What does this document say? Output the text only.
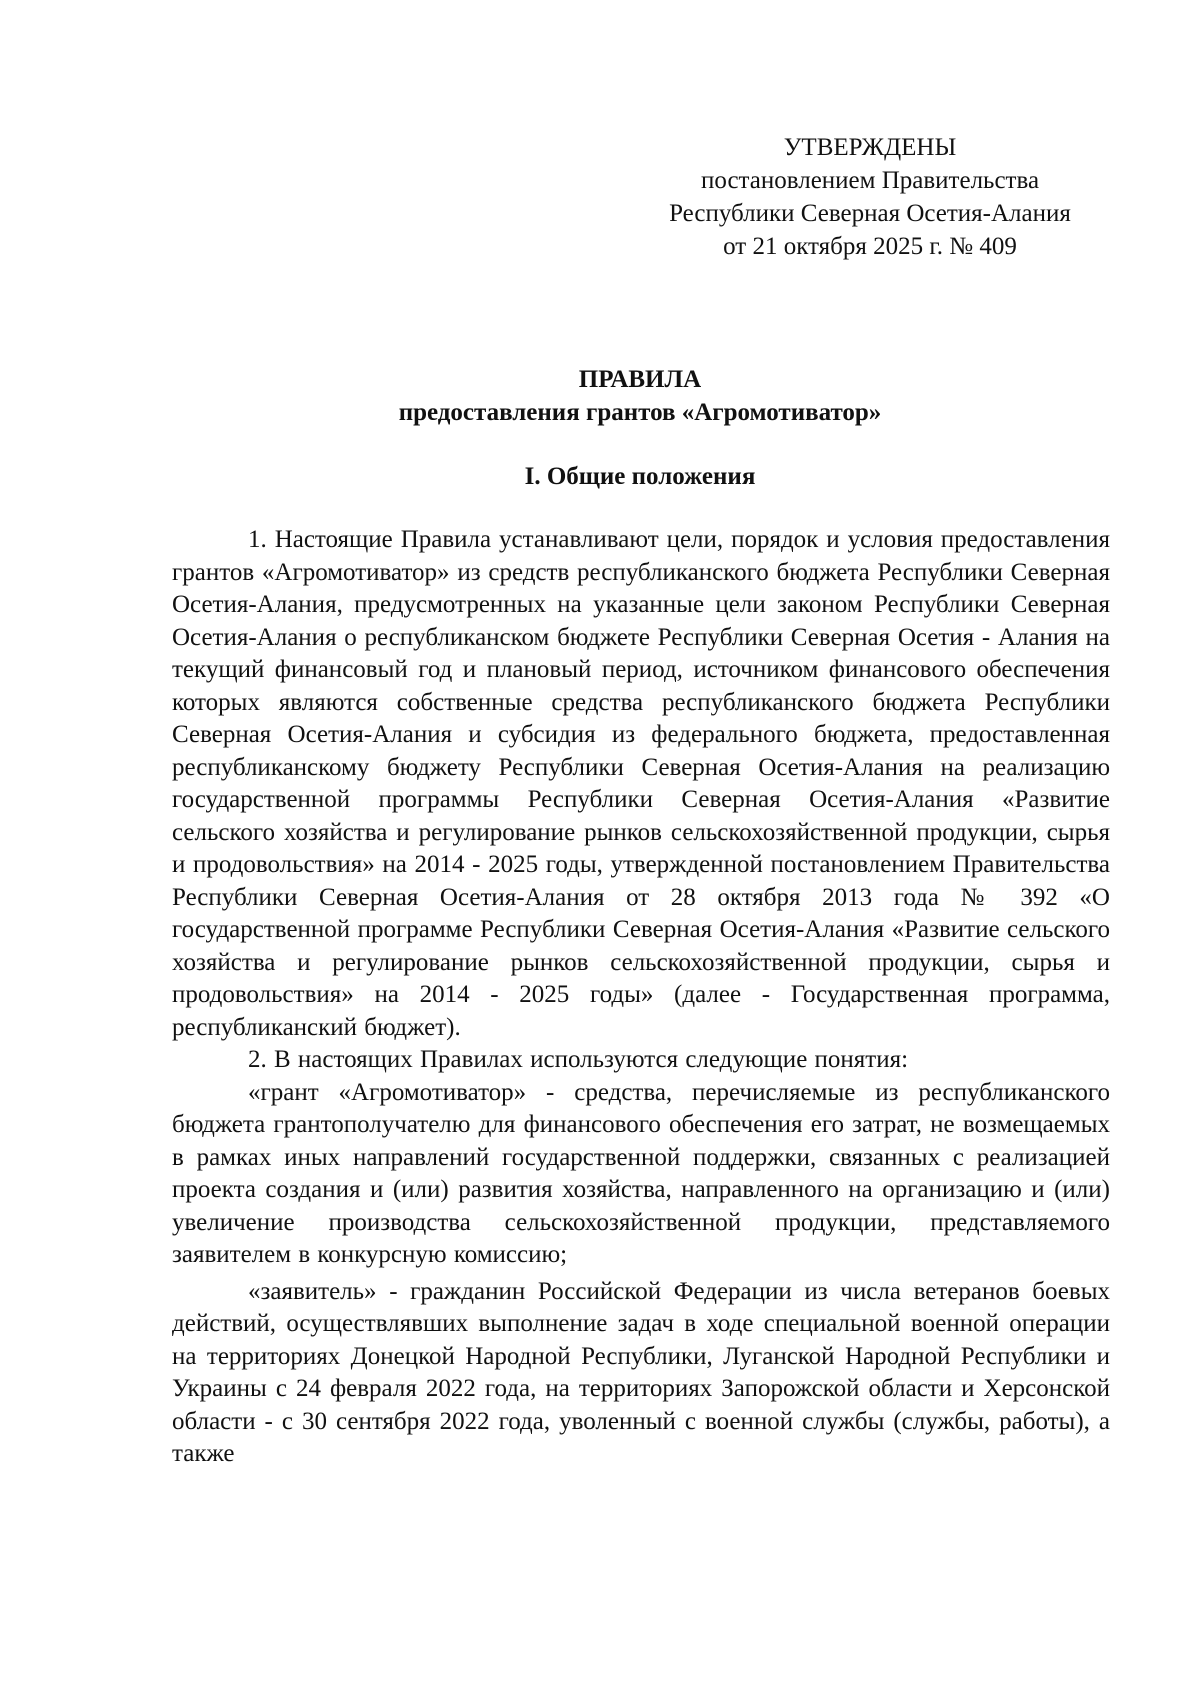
УТВЕРЖДЕНЫ
постановлением Правительства
Республики Северная Осетия-Алания
от 21 октября 2025 г. № 409
ПРАВИЛА
предоставления грантов «Агромотиватор»
I. Общие положения

1. Настоящие Правила устанавливают цели, порядок и условия предоставления грантов «Агромотиватор» из средств республиканского бюджета Республики Северная Осетия-Алания, предусмотренных на указанные цели законом Республики Северная Осетия-Алания о республиканском бюджете Республики Северная Осетия - Алания на текущий финансовый год и плановый период, источником финансового обеспечения которых являются собственные средства республиканского бюджета Республики Северная Осетия-Алания и субсидия из федерального бюджета, предоставленная республиканскому бюджету Республики Северная Осетия-Алания на реализацию государственной программы Республики Северная Осетия-Алания «Развитие сельского хозяйства и регулирование рынков сельскохозяйственной продукции, сырья и продовольствия» на 2014 - 2025 годы, утвержденной постановлением Правительства Республики Северная Осетия-Алания от 28 октября 2013 года № 392 «О государственной программе Республики Северная Осетия-Алания «Развитие сельского хозяйства и регулирование рынков сельскохозяйственной продукции, сырья и продовольствия» на 2014 - 2025 годы» (далее - Государственная программа, республиканский бюджет).

2. В настоящих Правилах используются следующие понятия:

«грант «Агромотиватор» - средства, перечисляемые из республиканского бюджета грантополучателю для финансового обеспечения его затрат, не возмещаемых в рамках иных направлений государственной поддержки, связанных с реализацией проекта создания и (или) развития хозяйства, направленного на организацию и (или) увеличение производства сельскохозяйственной продукции, представляемого заявителем в конкурсную комиссию;

«заявитель» - гражданин Российской Федерации из числа ветеранов боевых действий, осуществлявших выполнение задач в ходе специальной военной операции на территориях Донецкой Народной Республики, Луганской Народной Республики и Украины с 24 февраля 2022 года, на территориях Запорожской области и Херсонской области - с 30 сентября 2022 года, уволенный с военной службы (службы, работы), а также
